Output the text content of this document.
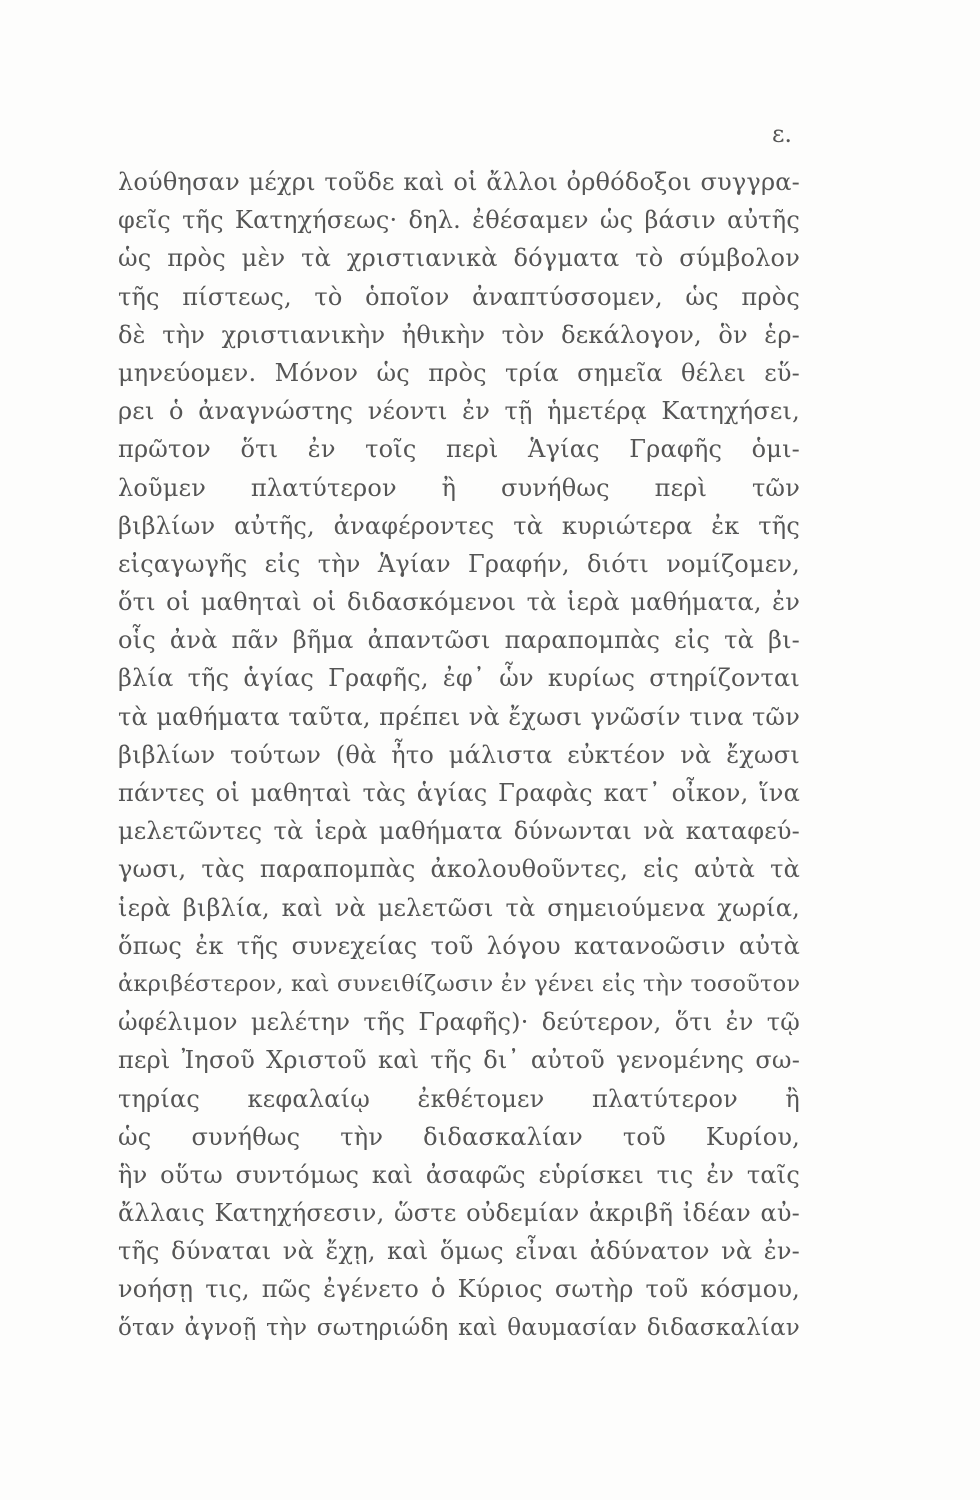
ε.
λούθησαν μέχρι τοῦδε καὶ οἱ ἄλλοι ὀρθόδοξοι συγγρα-
φεῖς τῆς Κατηχήσεως· δηλ. ἐθέσαμεν ὡς βάσιν αὐτῆς
ὡς πρὸς μὲν τὰ χριστιανικὰ δόγματα τὸ σύμβολον
τῆς πίστεως, τὸ ὁποῖον ἀναπτύσσομεν, ὡς πρὸς
δὲ τὴν χριστιανικὴν ἠθικὴν τὸν δεκάλογον, ὃν ἑρ-
μηνεύομεν. Μόνον ὡς πρὸς τρία σημεῖα θέλει εὕ-
ρει ὁ ἀναγνώστης νέοντι ἐν τῇ ἡμετέρᾳ Κατηχήσει,
πρῶτον ὅτι ἐν τοῖς περὶ Ἁγίας Γραφῆς ὁμι-
λοῦμεν πλατύτερον ἢ συνήθως περὶ τῶν
βιβλίων αὐτῆς, ἀναφέροντες τὰ κυριώτερα ἐκ τῆς
εἰςαγωγῆς εἰς τὴν Ἁγίαν Γραφήν, διότι νομίζομεν,
ὅτι οἱ μαθηταὶ οἱ διδασκόμενοι τὰ ἱερὰ μαθήματα, ἐν
οἷς ἀνὰ πᾶν βῆμα ἀπαντῶσι παραπομπὰς εἰς τὰ βι-
βλία τῆς ἁγίας Γραφῆς, ἐφ᾽ ὧν κυρίως στηρίζονται
τὰ μαθήματα ταῦτα, πρέπει νὰ ἔχωσι γνῶσίν τινα τῶν
βιβλίων τούτων (θὰ ἦτο μάλιστα εὐκτέον νὰ ἔχωσι
πάντες οἱ μαθηταὶ τὰς ἁγίας Γραφὰς κατ᾽ οἶκον, ἵνα
μελετῶντες τὰ ἱερὰ μαθήματα δύνωνται νὰ καταφεύ-
γωσι, τὰς παραπομπὰς ἀκολουθοῦντες, εἰς αὐτὰ τὰ
ἱερὰ βιβλία, καὶ νὰ μελετῶσι τὰ σημειούμενα χωρία,
ὅπως ἐκ τῆς συνεχείας τοῦ λόγου κατανοῶσιν αὐτὰ
ἀκριβέστερον, καὶ συνειθίζωσιν ἐν γένει εἰς τὴν τοσοῦτον
ὠφέλιμον μελέτην τῆς Γραφῆς)· δεύτερον, ὅτι ἐν τῷ
περὶ Ἰησοῦ Χριστοῦ καὶ τῆς δι᾽ αὐτοῦ γενομένης σω-
τηρίας κεφαλαίῳ ἐκθέτομεν πλατύτερον ἢ
ὡς συνήθως τὴν διδασκαλίαν τοῦ Κυρίου,
ἣν οὕτω συντόμως καὶ ἀσαφῶς εὑρίσκει τις ἐν ταῖς
ἄλλαις Κατηχήσεσιν, ὥστε οὐδεμίαν ἀκριβῆ ἰδέαν αὐ-
τῆς δύναται νὰ ἔχῃ, καὶ ὅμως εἶναι ἀδύνατον νὰ ἐν-
νοήσῃ τις, πῶς ἐγένετο ὁ Κύριος σωτὴρ τοῦ κόσμου,
ὅταν ἀγνοῇ τὴν σωτηριώδη καὶ θαυμασίαν διδασκαλίαν
